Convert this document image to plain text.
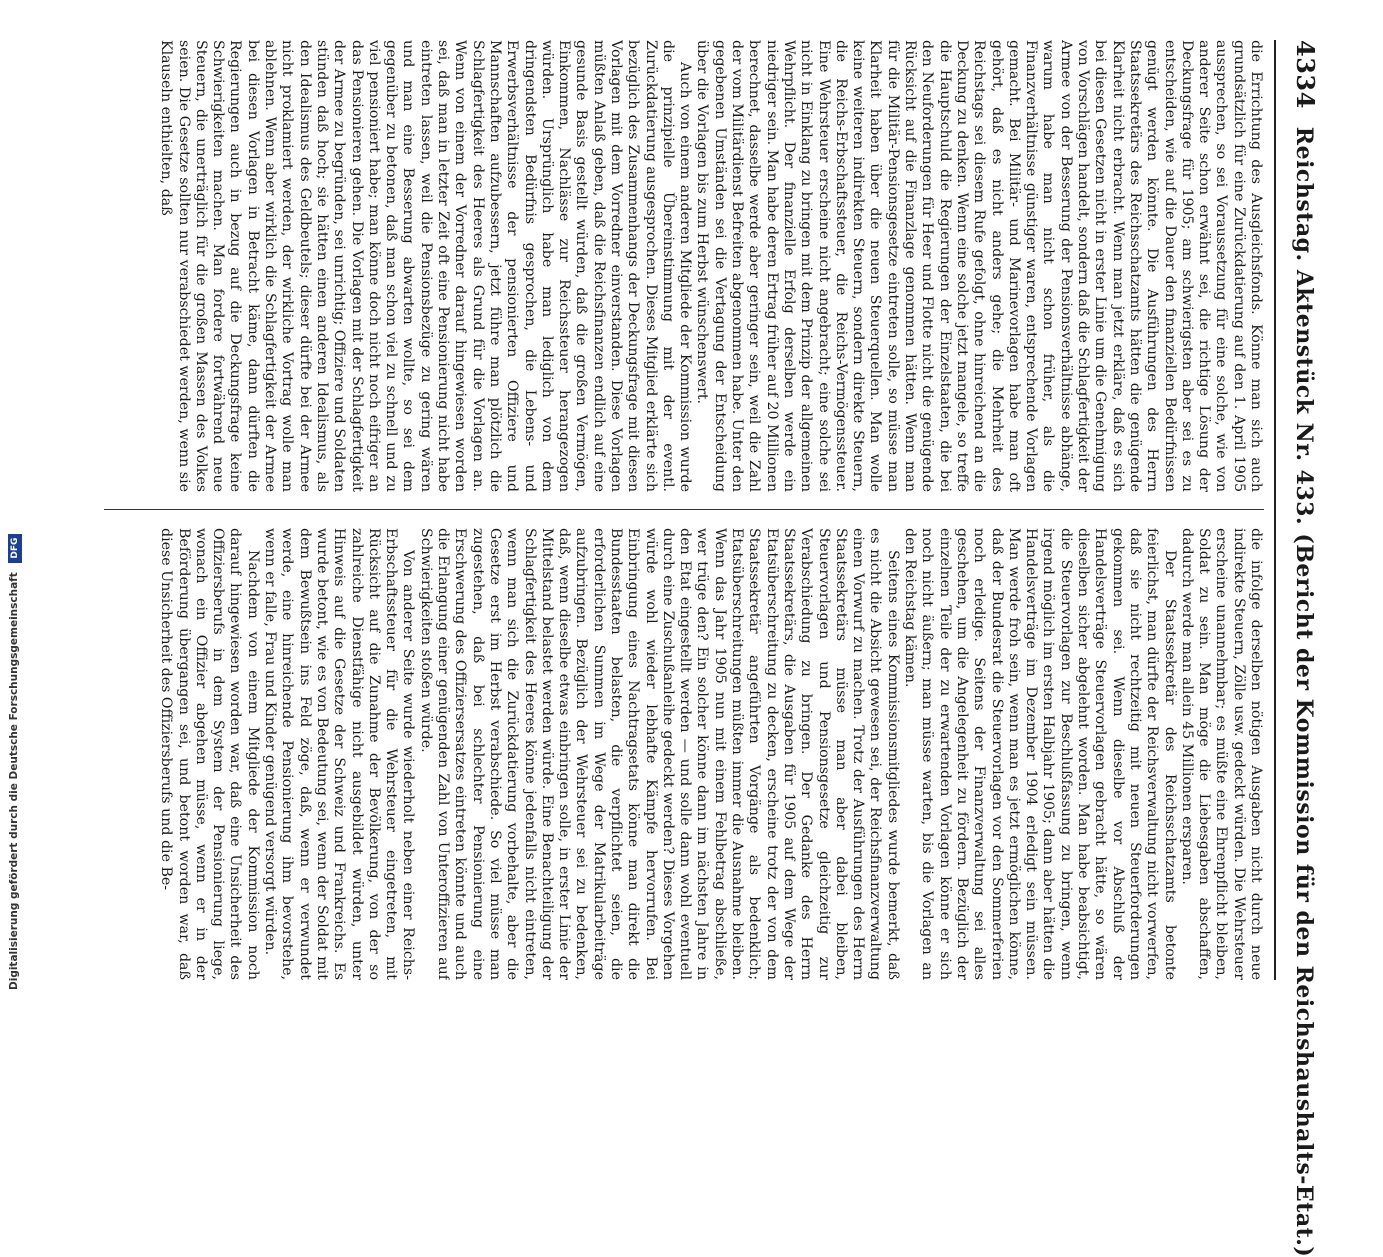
4334
Reichstag. Aktenstück Nr. 433. (Bericht der Kommission für den Reichshaushalts-Etat.)

die Errichtung des Ausgleichsfonds. Könne man sich auch grundsätzlich für eine Zurückdatierung auf den 1. April 1905 aussprechen, so sei Voraussetzung für eine solche, wie von anderer Seite schon erwähnt sei, die richtige Lösung der Deckungsfrage für 1905; am schwierigsten aber sei es zu entscheiden, wie auf die Dauer den finanziellen Bedürfnissen genügt werden könnte. Die Ausführungen des Herrn Staatssekretärs des Reichsschatzamts hätten die genügende Klarheit nicht erbracht. Wenn man jetzt erkläre, daß es sich bei diesen Gesetzen nicht in erster Linie um die Genehmigung von Vorschlägen handelt, sondern daß die Schlagfertigkeit der Armee von der Besserung der Pensionsverhältnisse abhänge, warum habe man nicht schon früher, als die Finanzverhältnisse günstiger waren, entsprechende Vorlagen gemacht. Bei Militär- und Marinevorlagen habe man oft gehört, daß es nicht anders gehe; die Mehrheit des Reichstags sei diesem Rufe gefolgt, ohne hinreichend an die Deckung zu denken. Wenn eine solche jetzt mangele, so treffe die Hauptschuld die Regierungen der Einzelstaaten, die bei den Neuforderungen für Heer und Flotte nicht die genügende Rücksicht auf die Finanzlage genommen hätten. Wenn man für die Militär-Pensionsgesetze eintreten solle, so müsse man Klarheit haben über die neuen Steuerquellen. Man wolle keine weiteren indirekten Steuern, sondern direkte Steuern, die Reichs-Erbschaftssteuer, die Reichs-Vermögenssteuer. Eine Wehrsteuer erscheine nicht angebracht; eine solche sei nicht in Einklang zu bringen mit dem Prinzip der allgemeinen Wehrpflicht. Der finanzielle Erfolg derselben werde ein niedriger sein. Man habe deren Ertrag früher auf 20 Millionen berechnet, dasselbe werde aber geringer sein, weil die Zahl der vom Militärdienst Befreiten abgenommen habe. Unter den gegebenen Umständen sei die Vertagung der Entscheidung über die Vorlagen bis zum Herbst wünschenswert.

Auch von einem anderen Mitgliede der Kommission wurde die prinzipielle Übereinstimmung mit der eventl. Zurückdatierung ausgesprochen. Dieses Mitglied erklärte sich bezüglich des Zusammenhangs der Deckungsfrage mit diesen Vorlagen mit dem Vorredner einverstanden. Diese Vorlagen müßten Anlaß geben, daß die Reichsfinanzen endlich auf eine gesunde Basis gestellt würden, daß die großen Vermögen, Einkommen, Nachlässe zur Reichssteuer herangezogen würden. Ursprünglich habe man lediglich von dem dringendsten Bedürfnis gesprochen, die Lebens- und Erwerbsverhältnisse der pensionierten Offiziere und Mannschaften aufzubessern, jetzt führe man plötzlich die Schlagfertigkeit des Heeres als Grund für die Vorlagen an. Wenn von einem der Vorredner darauf hingewiesen worden sei, daß man in letzter Zeit oft eine Pensionierung nicht habe eintreten lassen, weil die Pensionsbezüge zu gering wären und man eine Besserung abwarten wollte, so sei dem gegenüber zu betonen, daß man schon viel zu schnell und zu viel pensioniert habe; man könne doch nicht noch eifriger an das Pensionieren gehen. Die Vorlagen mit der Schlagfertigkeit der Armee zu begründen, sei unrichtig; Offiziere und Soldaten stünden daß hoch; sie hätten einen anderen Idealismus, als den Idealismus des Geldbeutels; dieser dürfte bei der Armee nicht proklamiert werden, der wirkliche Vortrag wolle man ablehnen. Wenn aber wirklich die Schlagfertigkeit der Armee bei diesen Vorlagen in Betracht käme, dann dürften die Regierungen auch in bezug auf die Deckungsfrage keine Schwierigkeiten machen. Man fordere fortwährend neue Steuern, die unerträglich für die großen Massen des Volkes seien. Die Gesetze sollten nur verabschiedet werden, wenn sie Klauseln enthielten, daß

die infolge derselben nötigen Ausgaben nicht durch neue indirekte Steuern, Zölle usw. gedeckt würden. Die Wehrsteuer erscheine unannehmbar; es müßte eine Ehrenpflicht bleiben, Soldat zu sein. Man möge die Liebesgaben abschaffen, dadurch werde man allein 45 Millionen ersparen.

Der Staatssekretär des Reichsschatzamts betonte feierlichst, man dürfte der Reichsverwaltung nicht vorwerfen, daß sie nicht rechtzeitig mit neuen Steuerforderungen gekommen sei. Wenn dieselbe vor Abschluß der Handelsverträge Steuervorlagen gebracht hätte, so wären dieselben sicher abgelehnt worden. Man habe beabsichtigt, die Steuervorlagen zur Beschlußfassung zu bringen, wenn irgend möglich im ersten Halbjahr 1905; dann aber hätten die Handelsverträge im Dezember 1904 erledigt sein müssen. Man werde froh sein, wenn man es jetzt ermöglichen könne, daß der Bundesrat die Steuervorlagen vor den Sommerferien noch erledige. Seitens der Finanzverwaltung sei alles geschehen, um die Angelegenheit zu fördern. Bezüglich der einzelnen Teile der zu erwartenden Vorlagen könne er sich noch nicht äußern; man müsse warten, bis die Vorlagen an den Reichstag kämen.

Seitens eines Kommissionsmitgliedes wurde bemerkt, daß es nicht die Absicht gewesen sei, der Reichsfinanzverwaltung einen Vorwurf zu machen. Trotz der Ausführungen des Herrn Staatssekretärs müsse man aber dabei bleiben, Steuervorlagen und Pensionsgesetze gleichzeitig zur Verabschiedung zu bringen. Der Gedanke des Herrn Staatssekretärs, die Ausgaben für 1905 auf dem Wege der Etatsüberschreitung zu decken, erscheine trotz der von dem Staatssekretär angeführten Vorgänge als bedenklich; Etatsüberschreitungen müßten immer die Ausnahme bleiben. Wenn das Jahr 1905 nun mit einem Fehlbetrag abschließe, wer trüge den? Ein solcher könne dann im nächsten Jahre in den Etat eingestellt werden — und solle dann wohl eventuell durch eine Zuschußanleihe gedeckt werden? Dieses Vorgehen würde wohl wieder lebhafte Kämpfe hervorrufen. Bei Einbringung eines Nachtragsetats könne man direkt die Bundesstaaten belasten, die verpflichtet seien, die erforderlichen Summen im Wege der Matrikularbeiträge aufzubringen. Bezüglich der Wehrsteuer sei zu bedenken, daß, wenn dieselbe etwas einbringen solle, in erster Linie der Mittelstand belastet werden würde. Eine Benachteiligung der Schlagfertigkeit des Heeres könne jedenfalls nicht eintreten, wenn man sich die Zurückdatierung vorbehalte, aber die Gesetze erst im Herbst verabschiede. So viel müsse man zugestehen, daß bei schlechter Pensionierung eine Erschwerung des Offiziersersatzes eintreten könnte und auch die Erlangung einer genügenden Zahl von Unteroffizieren auf Schwierigkeiten stoßen würde.

Von anderer Seite wurde wiederholt neben einer Reichs-Erbschaftssteuer für die Wehrsteuer eingetreten, mit Rücksicht auf die Zunahme der Bevölkerung, von der so zahlreiche Dienstfähige nicht ausgebildet würden, unter Hinweis auf die Gesetze der Schweiz und Frankreichs. Es wurde betont, wie es von Bedeutung sei, wenn der Soldat mit dem Bewußtsein ins Feld zöge, daß, wenn er verwundet werde, eine hinreichende Pensionierung ihm bevorstehe, wenn er falle, Frau und Kinder genügend versorgt würden.

Nachdem von einem Mitgliede der Kommission noch darauf hingewiesen worden war, daß eine Unsicherheit des Offiziersberufs in dem System der Pensionierung liege, wonach ein Offizier abgehen müsse, wenn er in der Beförderung übergangen sei, und betont worden war, daß diese Unsicherheit des Offiziersberufs und die Be-

Digitalisierung gefördert durch die Deutsche Forschungsgemeinschaft DFG
